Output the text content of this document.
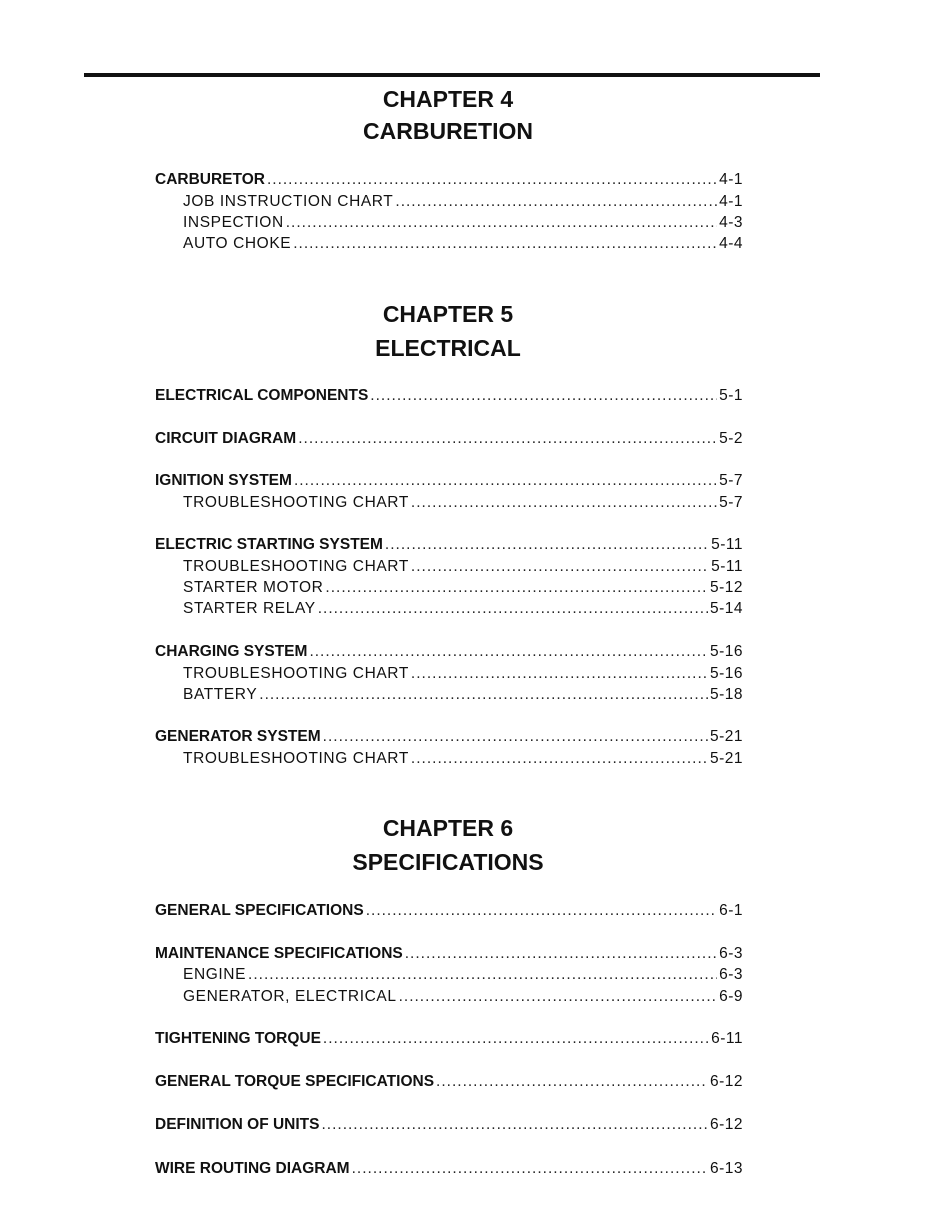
CHAPTER 4
CARBURETION
CARBURETOR .....	4-1
JOB INSTRUCTION CHART .....	4-1
INSPECTION .....	4-3
AUTO CHOKE .....	4-4
CHAPTER 5
ELECTRICAL
ELECTRICAL COMPONENTS .....	5-1
CIRCUIT DIAGRAM .....	5-2
IGNITION SYSTEM .....	5-7
TROUBLESHOOTING CHART .....	5-7
ELECTRIC STARTING SYSTEM .....	5-11
TROUBLESHOOTING CHART .....	5-11
STARTER MOTOR .....	5-12
STARTER RELAY .....	5-14
CHARGING SYSTEM .....	5-16
TROUBLESHOOTING CHART .....	5-16
BATTERY .....	5-18
GENERATOR SYSTEM .....	5-21
TROUBLESHOOTING CHART .....	5-21
CHAPTER 6
SPECIFICATIONS
GENERAL SPECIFICATIONS .....	6-1
MAINTENANCE SPECIFICATIONS .....	6-3
ENGINE .....	6-3
GENERATOR, ELECTRICAL .....	6-9
TIGHTENING TORQUE .....	6-11
GENERAL TORQUE SPECIFICATIONS .....	6-12
DEFINITION OF UNITS .....	6-12
WIRE ROUTING DIAGRAM .....	6-13
